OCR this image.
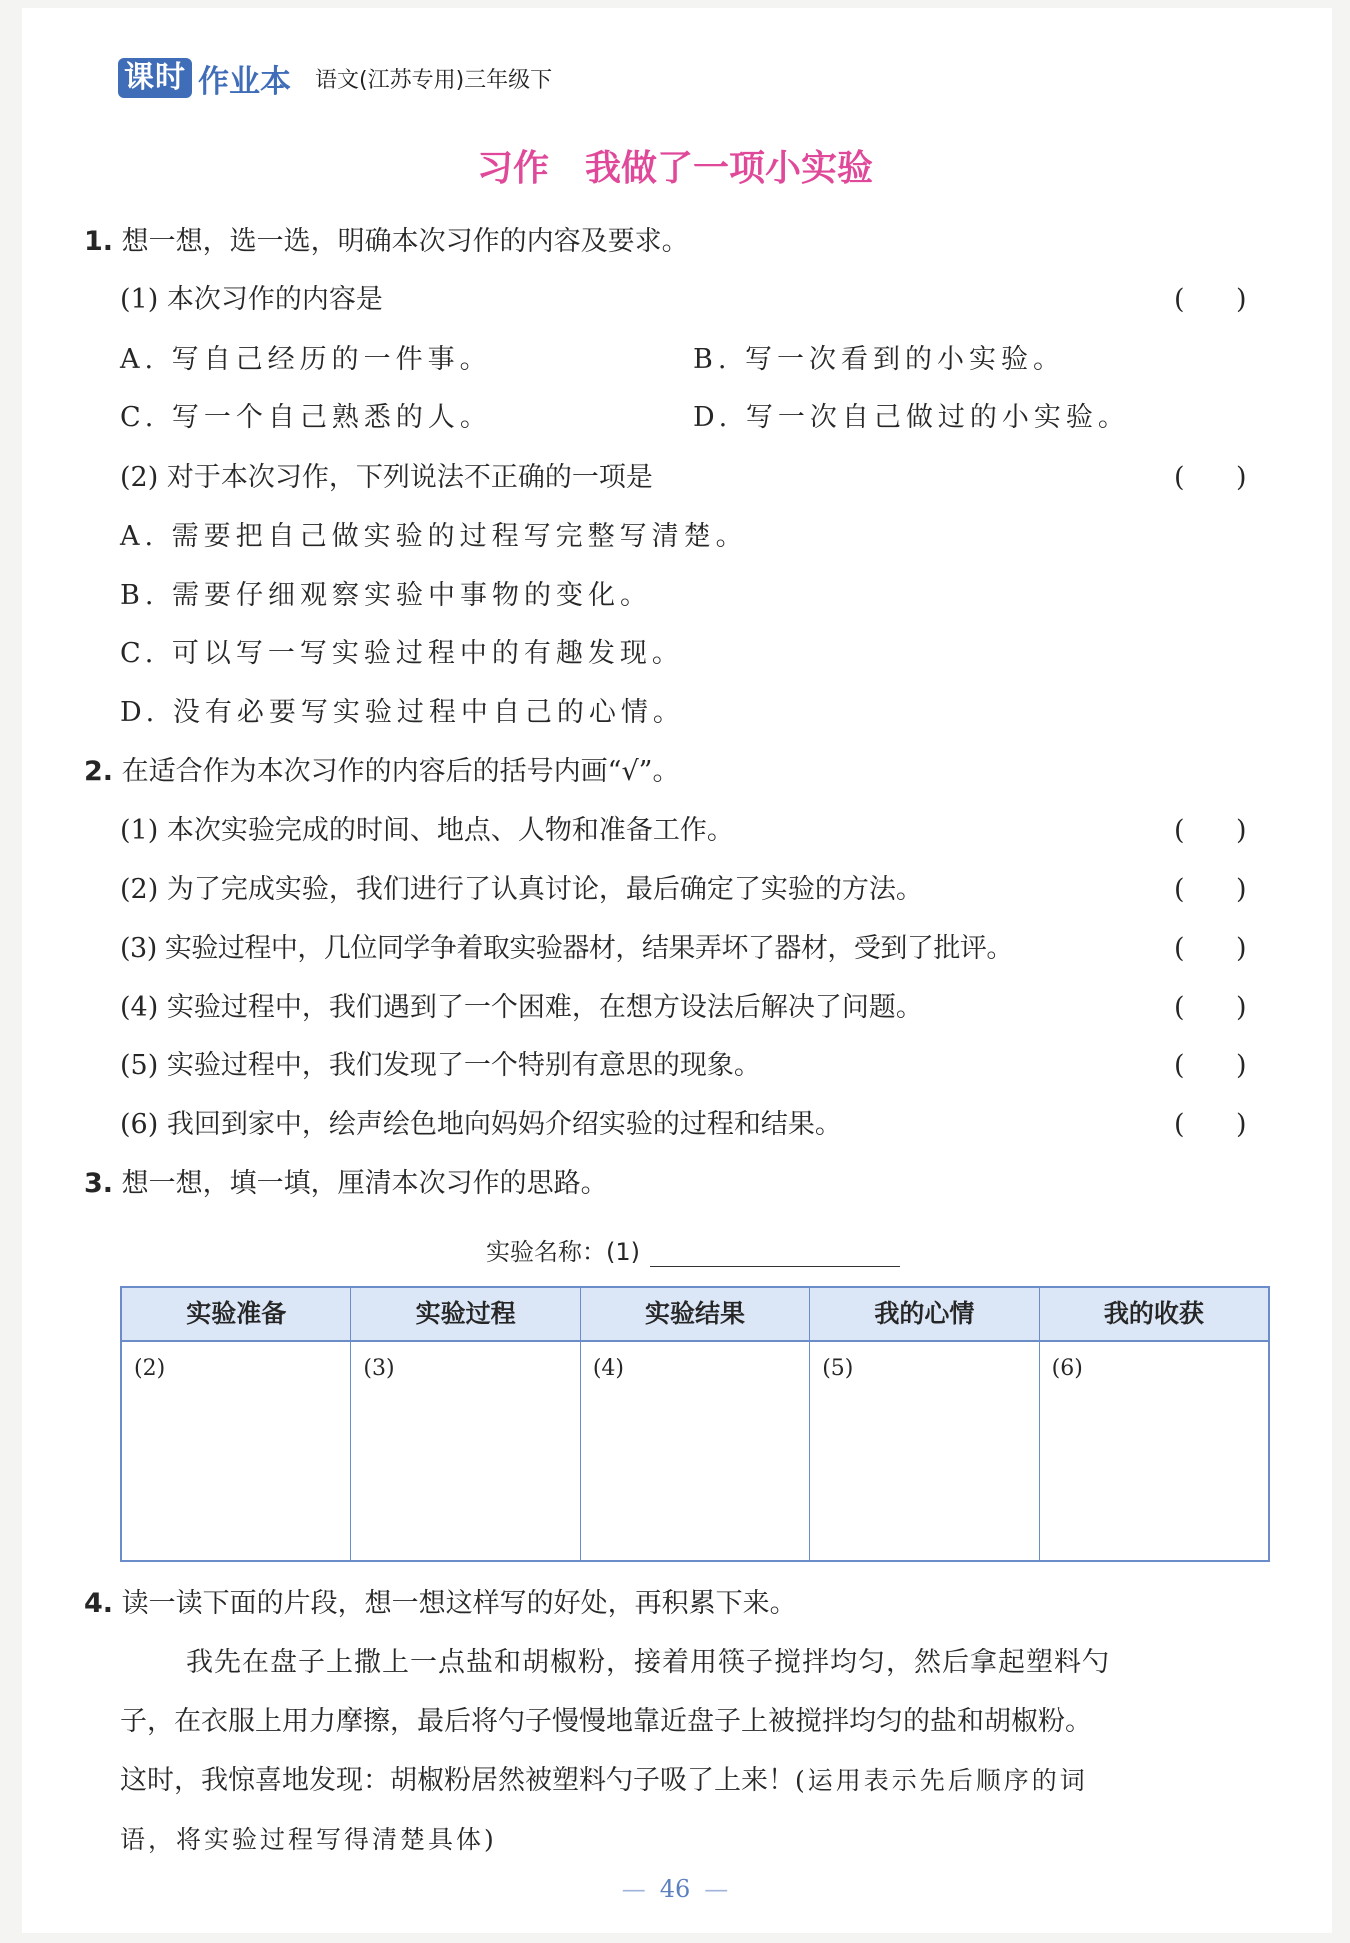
课时 作业本 语文(江苏专用)三年级下
习作　我做了一项小实验
1. 想一想，选一选，明确本次习作的内容及要求。
(1) 本次习作的内容是	(      )
A. 写自己经历的一件事。	B. 写一次看到的小实验。
C. 写一个自己熟悉的人。	D. 写一次自己做过的小实验。
(2) 对于本次习作，下列说法不正确的一项是	(      )
A. 需要把自己做实验的过程写完整写清楚。
B. 需要仔细观察实验中事物的变化。
C. 可以写一写实验过程中的有趣发现。
D. 没有必要写实验过程中自己的心情。
2. 在适合作为本次习作的内容后的括号内画“√”。
(1) 本次实验完成的时间、地点、人物和准备工作。	(      )
(2) 为了完成实验，我们进行了认真讨论，最后确定了实验的方法。	(      )
(3) 实验过程中，几位同学争着取实验器材，结果弄坏了器材，受到了批评。	(      )
(4) 实验过程中，我们遇到了一个困难，在想方设法后解决了问题。	(      )
(5) 实验过程中，我们发现了一个特别有意思的现象。	(      )
(6) 我回到家中，绘声绘色地向妈妈介绍实验的过程和结果。	(      )
3. 想一想，填一填，厘清本次习作的思路。
实验名称：(1)
实验准备	实验过程	实验结果	我的心情	我的收获
(2)	(3)	(4)	(5)	(6)
4. 读一读下面的片段，想一想这样写的好处，再积累下来。
我先在盘子上撒上一点盐和胡椒粉，接着用筷子搅拌均匀，然后拿起塑料勺
子，在衣服上用力摩擦，最后将勺子慢慢地靠近盘子上被搅拌均匀的盐和胡椒粉。
这时，我惊喜地发现：胡椒粉居然被塑料勺子吸了上来！(运用表示先后顺序的词
语，将实验过程写得清楚具体)
— 46 —
